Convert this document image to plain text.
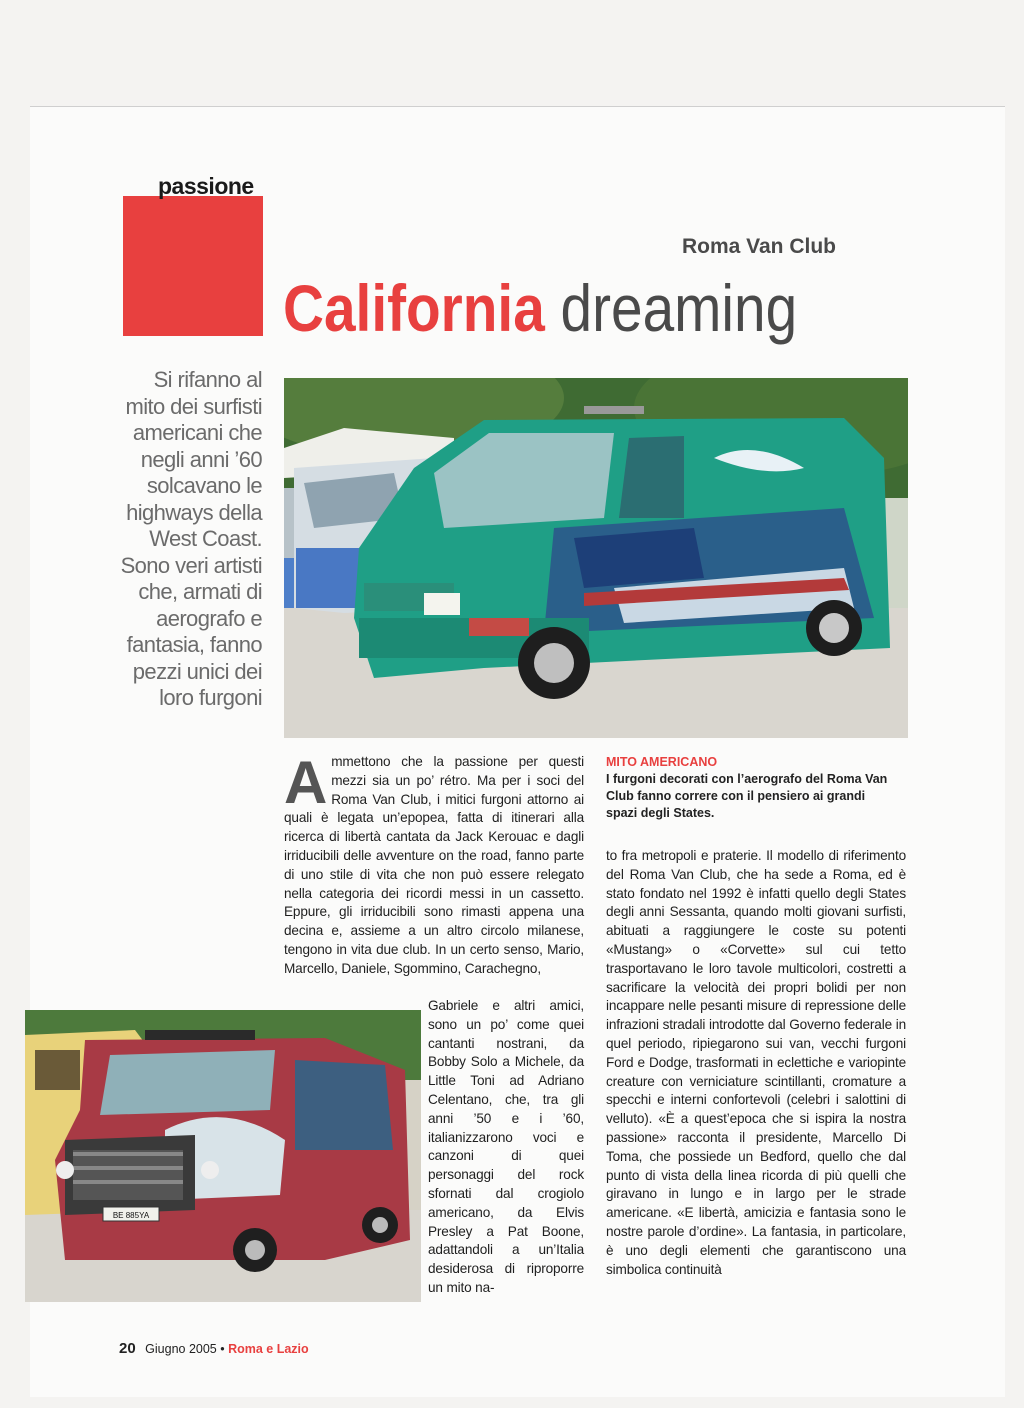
passione
Roma Van Club
California dreaming
Si rifanno al mito dei surfisti americani che negli anni ’60 solcavano le highways della West Coast. Sono veri artisti che, armati di aerografo e fantasia, fanno pezzi unici dei loro furgoni
MITO AMERICANO
I furgoni decorati con l’aerografo del Roma Van Club fanno correre con il pensiero ai grandi spazi degli States.
A mmettono che la passione per questi mezzi sia un po’ rétro. Ma per i soci del Roma Van Club, i mitici furgoni attorno ai quali è legata un’epopea, fatta di itinerari alla ricerca di libertà cantata da Jack Kerouac e dagli irriducibili delle avventure on the road, fanno parte di uno stile di vita che non può essere relegato nella categoria dei ricordi messi in un cassetto. Eppure, gli irriducibili sono rimasti appena una decina e, assieme a un altro circolo milanese, tengono in vita due club. In un certo senso, Mario, Marcello, Daniele, Sgommino, Carachegno,
Gabriele e altri amici, sono un po’ come quei cantanti nostrani, da Bobby Solo a Michele, da Little Toni ad Adriano Celentano, che, tra gli anni ’50 e i ’60, italianizzarono voci e canzoni di quei personaggi del rock sfornati dal crogiolo americano, da Elvis Presley a Pat Boone, adattandoli a un’Italia desiderosa di riproporre un mito na-
to fra metropoli e praterie. Il modello di riferimento del Roma Van Club, che ha sede a Roma, ed è stato fondato nel 1992 è infatti quello degli States degli anni Sessanta, quando molti giovani surfisti, abituati a raggiungere le coste su potenti «Mustang» o «Corvette» sul cui tetto trasportavano le loro tavole multicolori, costretti a sacrificare la velocità dei propri bolidi per non incappare nelle pesanti misure di repressione delle infrazioni stradali introdotte dal Governo federale in quel periodo, ripiegarono sui van, vecchi furgoni Ford e Dodge, trasformati in eclettiche e variopinte creature con verniciature scintillanti, cromature a specchi e interni confortevoli (celebri i salottini di velluto). «È a quest’epoca che si ispira la nostra passione» racconta il presidente, Marcello Di Toma, che possiede un Bedford, quello che dal punto di vista della linea ricorda di più quelli che giravano in lungo e in largo per le strade americane. «E libertà, amicizia e fantasia sono le nostre parole d’ordine». La fantasia, in particolare, è uno degli elementi che garantiscono una simbolica continuità
BE 885YA
20 Giugno 2005 • Roma e Lazio
